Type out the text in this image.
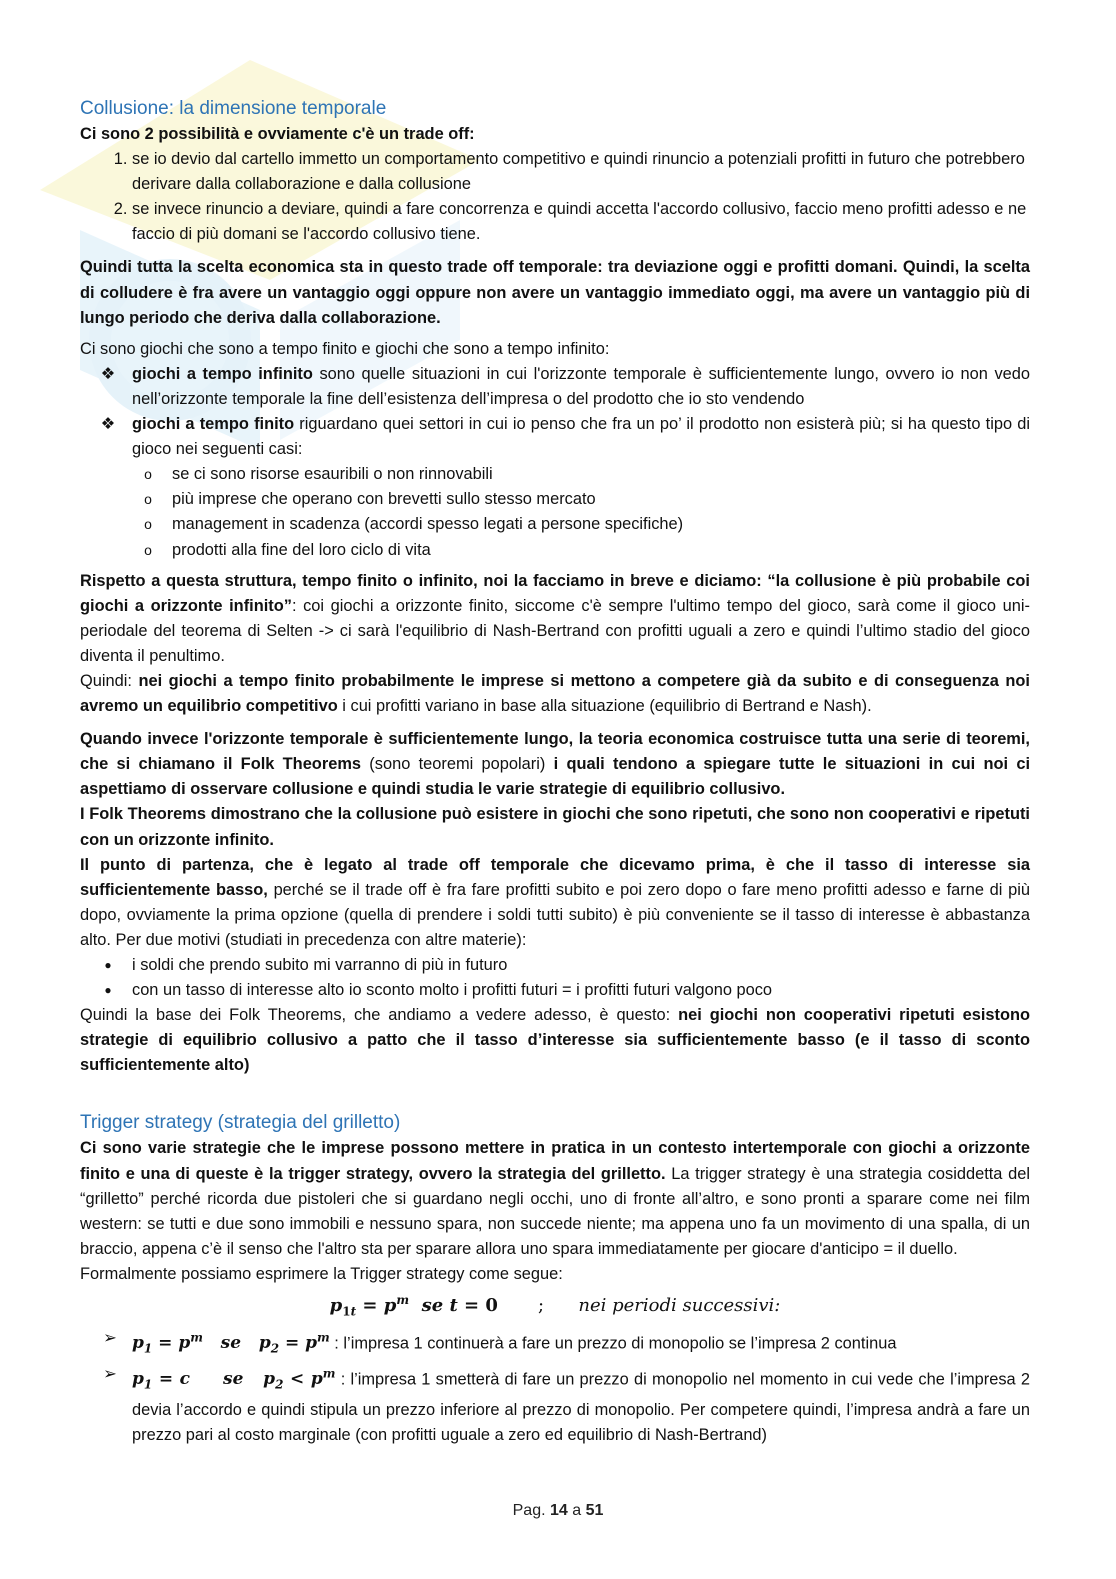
Collusione: la dimensione temporale

Ci sono 2 possibilità e ovviamente c'è un trade off:

1. se io devio dal cartello immetto un comportamento competitivo e quindi rinuncio a potenziali profitti in futuro che potrebbero derivare dalla collaborazione e dalla collusione
2. se invece rinuncio a deviare, quindi a fare concorrenza e quindi accetta l'accordo collusivo, faccio meno profitti adesso e ne faccio di più domani se l'accordo collusivo tiene.

Quindi tutta la scelta economica sta in questo trade off temporale: tra deviazione oggi e profitti domani. Quindi, la scelta di colludere è fra avere un vantaggio oggi oppure non avere un vantaggio immediato oggi, ma avere un vantaggio più di lungo periodo che deriva dalla collaborazione.

Ci sono giochi che sono a tempo finito e giochi che sono a tempo infinito:

❖ giochi a tempo infinito sono quelle situazioni in cui l'orizzonte temporale è sufficientemente lungo, ovvero io non vedo nell’orizzonte temporale la fine dell’esistenza dell’impresa o del prodotto che io sto vendendo
❖ giochi a tempo finito riguardano quei settori in cui io penso che fra un po’ il prodotto non esisterà più; si ha questo tipo di gioco nei seguenti casi:
o	se ci sono risorse esauribili o non rinnovabili
o	più imprese che operano con brevetti sullo stesso mercato
o	management in scadenza (accordi spesso legati a persone specifiche)
o	prodotti alla fine del loro ciclo di vita

Rispetto a questa struttura, tempo finito o infinito, noi la facciamo in breve e diciamo: “la collusione è più probabile coi giochi a orizzonte infinito”: coi giochi a orizzonte finito, siccome c'è sempre l'ultimo tempo del gioco, sarà come il gioco uni-periodale del teorema di Selten -> ci sarà l'equilibrio di Nash-Bertrand con profitti uguali a zero e quindi l’ultimo stadio del gioco diventa il penultimo.

Quindi: nei giochi a tempo finito probabilmente le imprese si mettono a competere già da subito e di conseguenza noi avremo un equilibrio competitivo i cui profitti variano in base alla situazione (equilibrio di Bertrand e Nash).

Quando invece l'orizzonte temporale è sufficientemente lungo, la teoria economica costruisce tutta una serie di teoremi, che si chiamano il Folk Theorems (sono teoremi popolari) i quali tendono a spiegare tutte le situazioni in cui noi ci aspettiamo di osservare collusione e quindi studia le varie strategie di equilibrio collusivo.

I Folk Theorems dimostrano che la collusione può esistere in giochi che sono ripetuti, che sono non cooperativi e ripetuti con un orizzonte infinito.

Il punto di partenza, che è legato al trade off temporale che dicevamo prima, è che il tasso di interesse sia sufficientemente basso, perché se il trade off è fra fare profitti subito e poi zero dopo o fare meno profitti adesso e farne di più dopo, ovviamente la prima opzione (quella di prendere i soldi tutti subito) è più conveniente se il tasso di interesse è abbastanza alto. Per due motivi (studiati in precedenza con altre materie):

●	i soldi che prendo subito mi varranno di più in futuro
●	con un tasso di interesse alto io sconto molto i profitti futuri = i profitti futuri valgono poco

Quindi la base dei Folk Theorems, che andiamo a vedere adesso, è questo: nei giochi non cooperativi ripetuti esistono strategie di equilibrio collusivo a patto che il tasso d’interesse sia sufficientemente basso (e il tasso di sconto sufficientemente alto)

Trigger strategy (strategia del grilletto)

Ci sono varie strategie che le imprese possono mettere in pratica in un contesto intertemporale con giochi a orizzonte finito e una di queste è la trigger strategy, ovvero la strategia del grilletto. La trigger strategy è una strategia cosiddetta del “grilletto” perché ricorda due pistoleri che si guardano negli occhi, uno di fronte all’altro, e sono pronti a sparare come nei film western: se tutti e due sono immobili e nessuno spara, non succede niente; ma appena uno fa un movimento di una spalla, di un braccio, appena c’è il senso che l'altro sta per sparare allora uno spara immediatamente per giocare d'anticipo = il duello.

Formalmente possiamo esprimere la Trigger strategy come segue:

$p_{1t} = p^m$ se t = 0 ; nei periodi successivi:
➢ $p_1 = p^m$   se   $p_2 = p^m$ : l’impresa 1 continuerà a fare un prezzo di monopolio se l’impresa 2 continua
➢ $p_1 = c$     se   $p_2 < p^m$ : l’impresa 1 smetterà di fare un prezzo di monopolio nel momento in cui vede che l’impresa 2 devia l’accordo e quindi stipula un prezzo inferiore al prezzo di monopolio. Per competere quindi, l’impresa andrà a fare un prezzo pari al costo marginale (con profitti uguale a zero ed equilibrio di Nash-Bertrand)
Pag. 14 a 51
